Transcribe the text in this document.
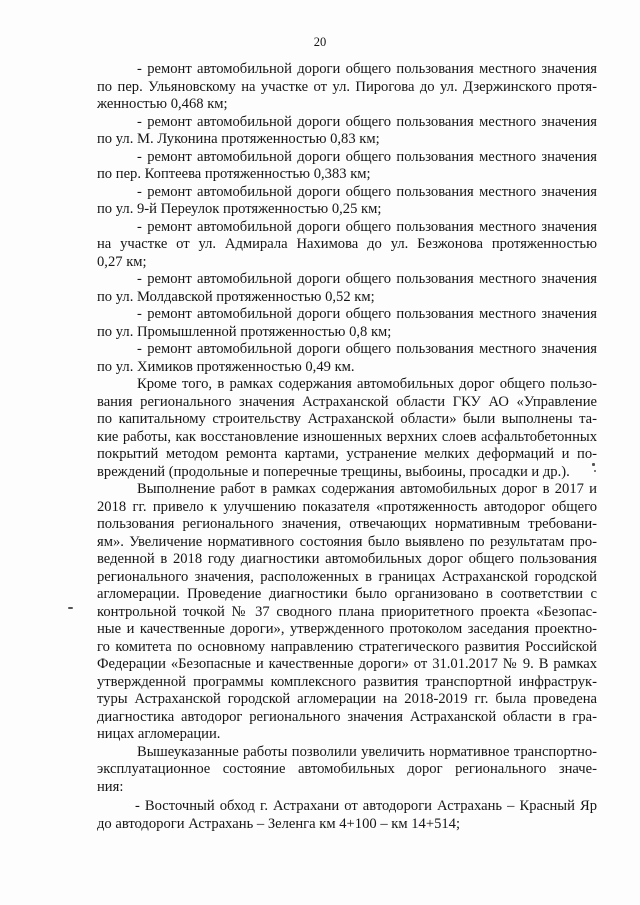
20
- ремонт автомобильной дороги общего пользования местного значения
по пер. Ульяновскому на участке от ул. Пирогова до ул. Дзержинского протя-
женностью 0,468 км;
- ремонт автомобильной дороги общего пользования местного значения
по ул. М. Луконина протяженностью 0,83 км;
- ремонт автомобильной дороги общего пользования местного значения
по пер. Коптеева протяженностью 0,383 км;
- ремонт автомобильной дороги общего пользования местного значения
по ул. 9-й Переулок протяженностью 0,25 км;
- ремонт автомобильной дороги общего пользования местного значения
на участке от ул. Адмирала Нахимова до ул. Безжонова протяженностью
0,27 км;
- ремонт автомобильной дороги общего пользования местного значения
по ул. Молдавской протяженностью 0,52 км;
- ремонт автомобильной дороги общего пользования местного значения
по ул. Промышленной протяженностью 0,8 км;
- ремонт автомобильной дороги общего пользования местного значения
по ул. Химиков протяженностью 0,49 км.
Кроме того, в рамках содержания автомобильных дорог общего пользо-
вания регионального значения Астраханской области ГКУ АО «Управление
по капитальному строительству Астраханской области» были выполнены та-
кие работы, как восстановление изношенных верхних слоев асфальтобетонных
покрытий методом ремонта картами, устранение мелких деформаций и по-
вреждений (продольные и поперечные трещины, выбоины, просадки и др.).
Выполнение работ в рамках содержания автомобильных дорог в 2017 и
2018 гг. привело к улучшению показателя «протяженность автодорог общего
пользования регионального значения, отвечающих нормативным требовани-
ям». Увеличение нормативного состояния было выявлено по результатам про-
веденной в 2018 году диагностики автомобильных дорог общего пользования
регионального значения, расположенных в границах Астраханской городской
агломерации. Проведение диагностики было организовано в соответствии с
контрольной точкой № 37 сводного плана приоритетного проекта «Безопас-
ные и качественные дороги», утвержденного протоколом заседания проектно-
го комитета по основному направлению стратегического развития Российской
Федерации «Безопасные и качественные дороги» от 31.01.2017 № 9. В рамках
утвержденной программы комплексного развития транспортной инфраструк-
туры Астраханской городской агломерации на 2018-2019 гг. была проведена
диагностика автодорог регионального значения Астраханской области в гра-
ницах агломерации.
Вышеуказанные работы позволили увеличить нормативное транспортно-
эксплуатационное состояние автомобильных дорог регионального значе-
ния:
- Восточный обход г. Астрахани от автодороги Астрахань – Красный Яр
до автодороги Астрахань – Зеленга км 4+100 – км 14+514;
